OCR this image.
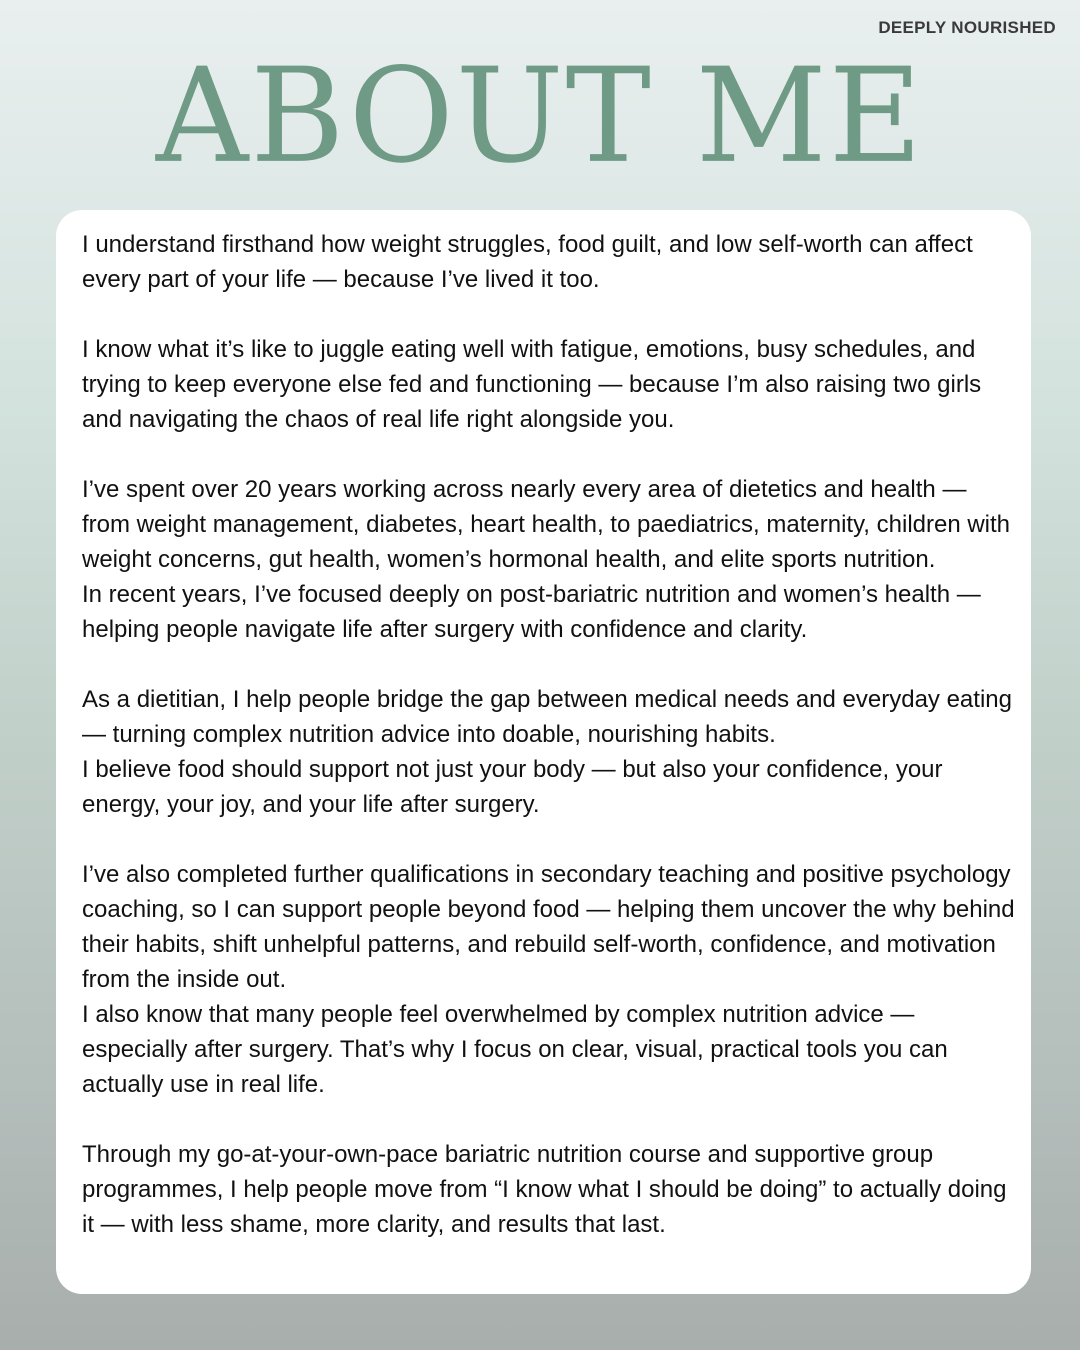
DEEPLY NOURISHED
ABOUT ME

I understand firsthand how weight struggles, food guilt, and low self-worth can affect every part of your life — because I’ve lived it too.

I know what it’s like to juggle eating well with fatigue, emotions, busy schedules, and trying to keep everyone else fed and functioning — because I’m also raising two girls and navigating the chaos of real life right alongside you.

I’ve spent over 20 years working across nearly every area of dietetics and health — from weight management, diabetes, heart health, to paediatrics, maternity, children with weight concerns, gut health, women’s hormonal health, and elite sports nutrition.

In recent years, I’ve focused deeply on post-bariatric nutrition and women’s health — helping people navigate life after surgery with confidence and clarity.

As a dietitian, I help people bridge the gap between medical needs and everyday eating — turning complex nutrition advice into doable, nourishing habits.

I believe food should support not just your body — but also your confidence, your energy, your joy, and your life after surgery.

I’ve also completed further qualifications in secondary teaching and positive psychology coaching, so I can support people beyond food — helping them uncover the why behind their habits, shift unhelpful patterns, and rebuild self-worth, confidence, and motivation from the inside out.

I also know that many people feel overwhelmed by complex nutrition advice — especially after surgery. That’s why I focus on clear, visual, practical tools you can actually use in real life.

Through my go-at-your-own-pace bariatric nutrition course and supportive group programmes, I help people move from “I know what I should be doing” to actually doing it — with less shame, more clarity, and results that last.
